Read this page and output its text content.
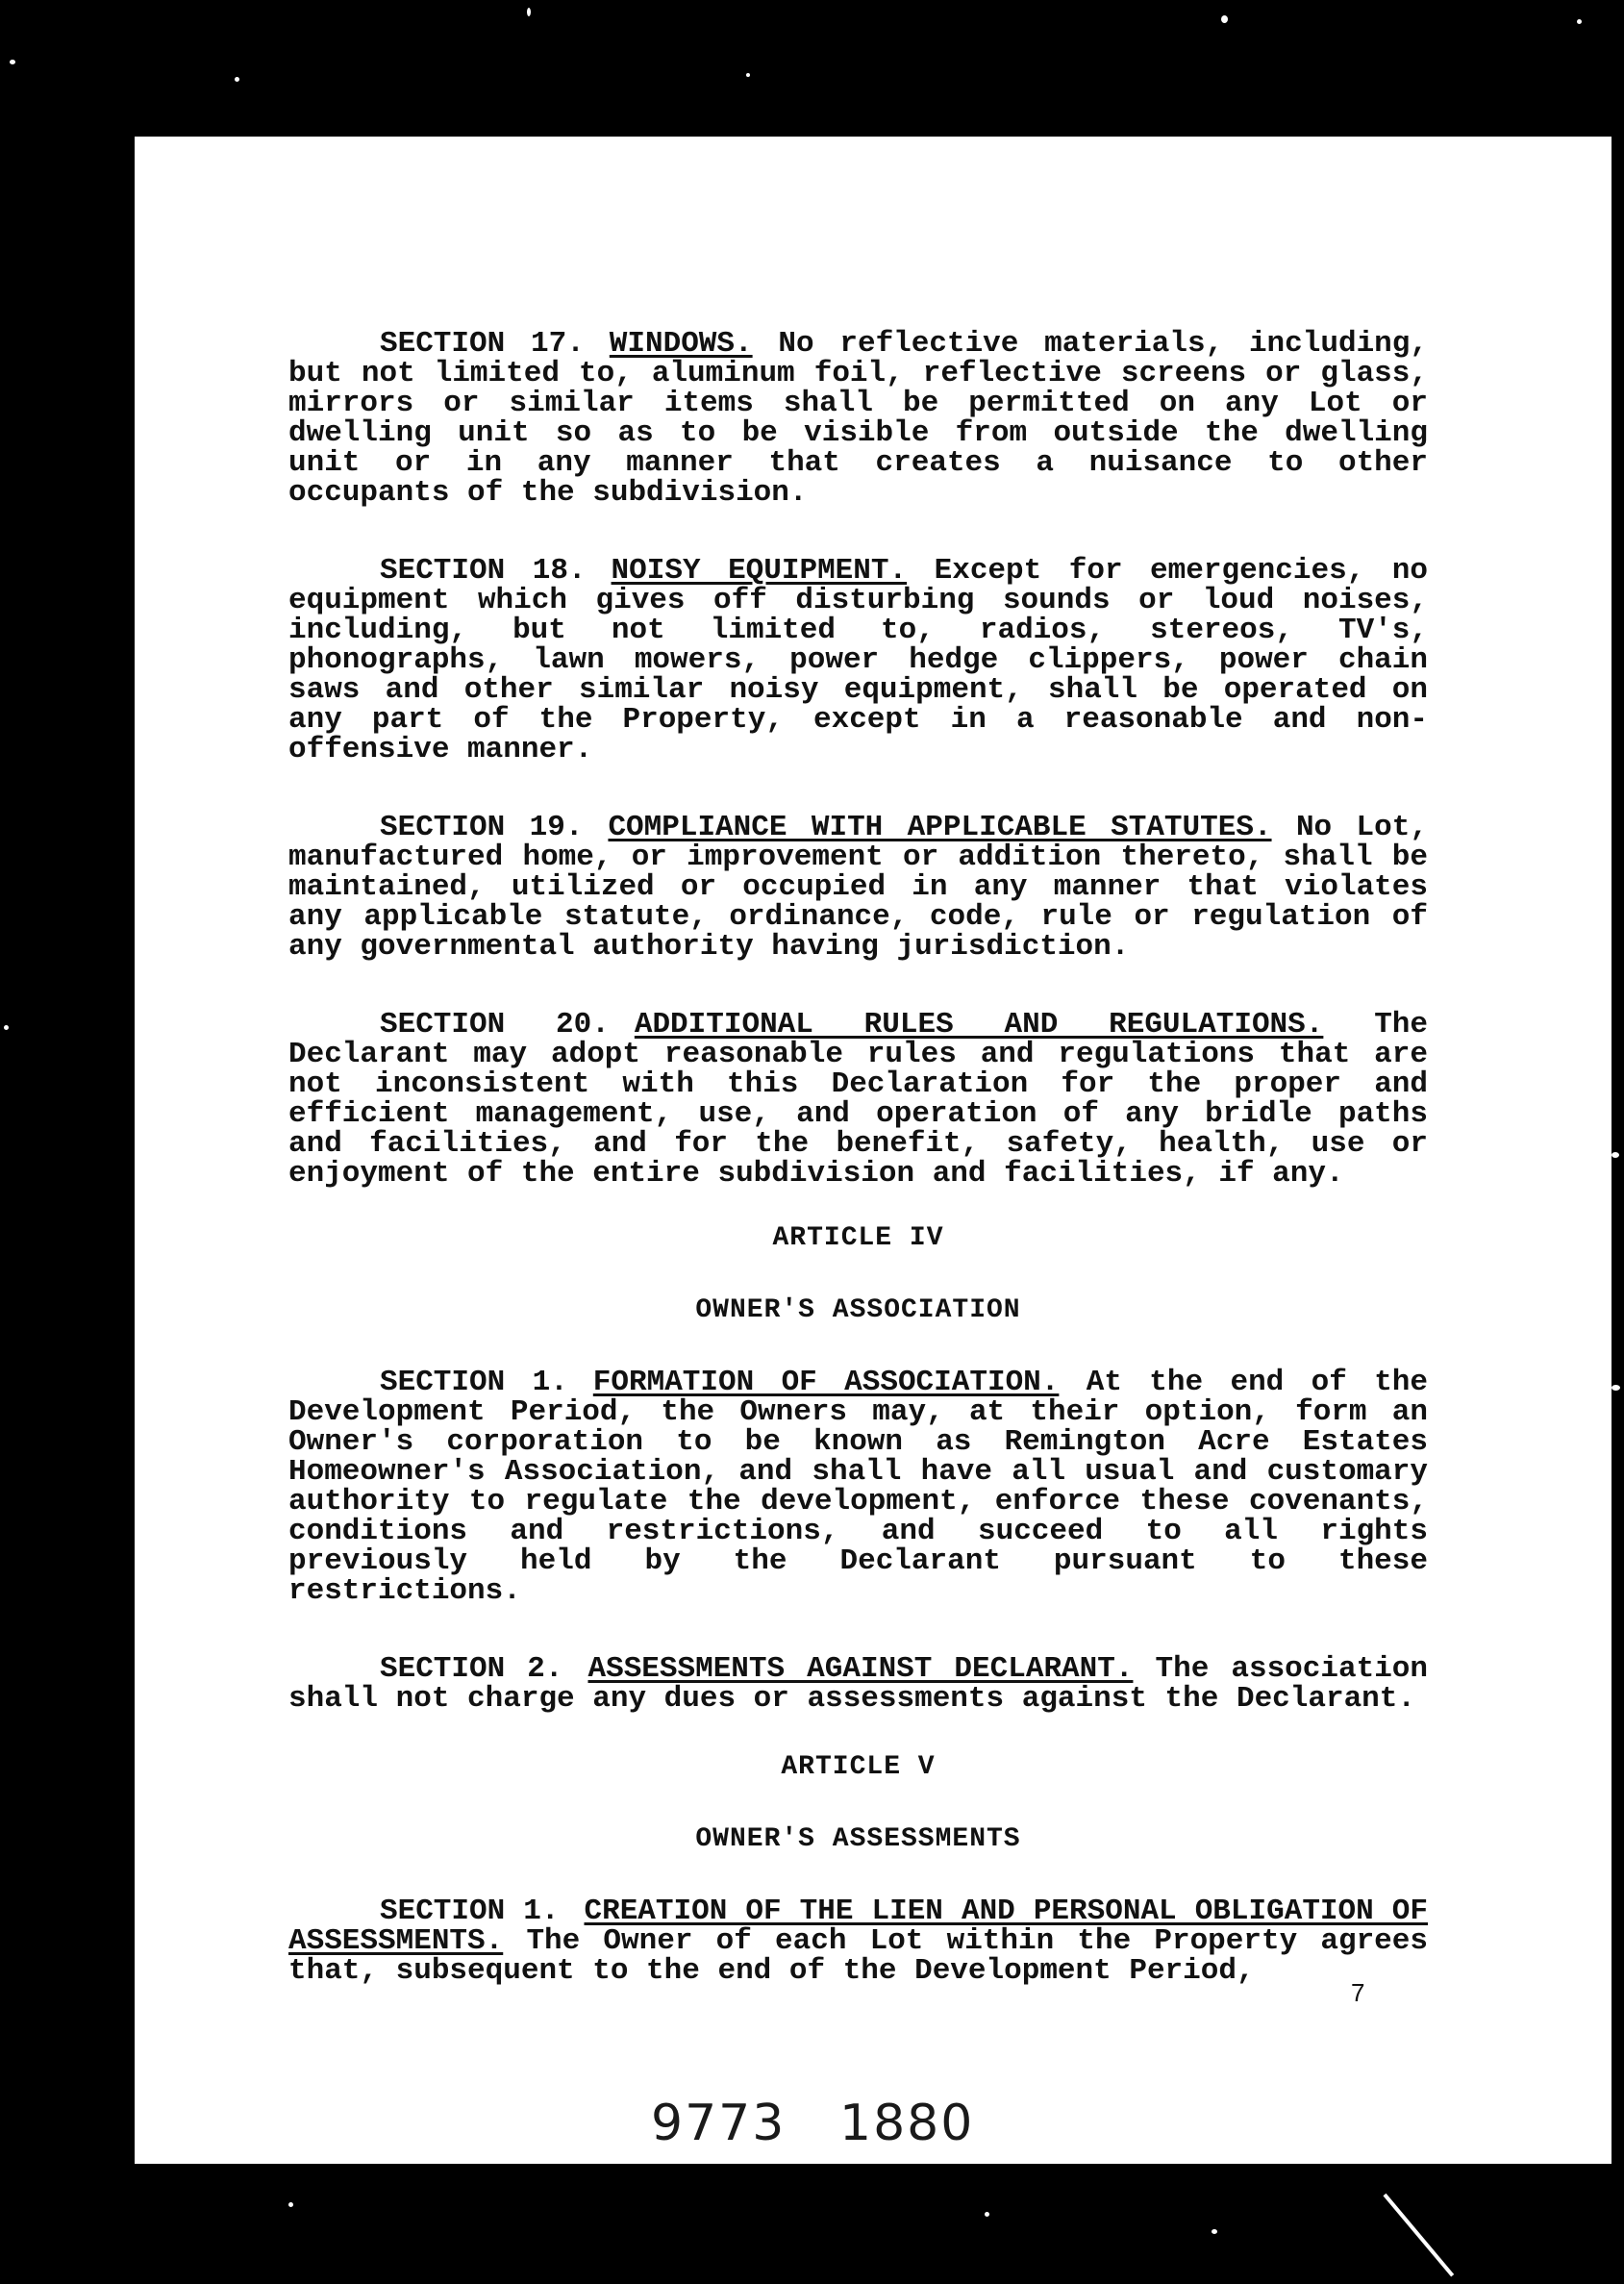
SECTION 17. WINDOWS. No reflective materials, including, but not limited to, aluminum foil, reflective screens or glass, mirrors or similar items shall be permitted on any Lot or dwelling unit so as to be visible from outside the dwelling unit or in any manner that creates a nuisance to other occupants of the subdivision.

SECTION 18. NOISY EQUIPMENT. Except for emergencies, no equipment which gives off disturbing sounds or loud noises, including, but not limited to, radios, stereos, TV's, phonographs, lawn mowers, power hedge clippers, power chain saws and other similar noisy equipment, shall be operated on any part of the Property, except in a reasonable and non-offensive manner.

SECTION 19. COMPLIANCE WITH APPLICABLE STATUTES. No Lot, manufactured home, or improvement or addition thereto, shall be maintained, utilized or occupied in any manner that violates any applicable statute, ordinance, code, rule or regulation of any governmental authority having jurisdiction.

SECTION 20. ADDITIONAL RULES AND REGULATIONS. The Declarant may adopt reasonable rules and regulations that are not inconsistent with this Declaration for the proper and efficient management, use, and operation of any bridle paths and facilities, and for the benefit, safety, health, use or enjoyment of the entire subdivision and facilities, if any.

ARTICLE IV
OWNER'S ASSOCIATION

SECTION 1. FORMATION OF ASSOCIATION. At the end of the Development Period, the Owners may, at their option, form an Owner's corporation to be known as Remington Acre Estates Homeowner's Association, and shall have all usual and customary authority to regulate the development, enforce these covenants, conditions and restrictions, and succeed to all rights previously held by the Declarant pursuant to these restrictions.

SECTION 2. ASSESSMENTS AGAINST DECLARANT. The association shall not charge any dues or assessments against the Declarant.

ARTICLE V
OWNER'S ASSESSMENTS

SECTION 1. CREATION OF THE LIEN AND PERSONAL OBLIGATION OF ASSESSMENTS. The Owner of each Lot within the Property agrees that, subsequent to the end of the Development Period,

7
9773 1880
